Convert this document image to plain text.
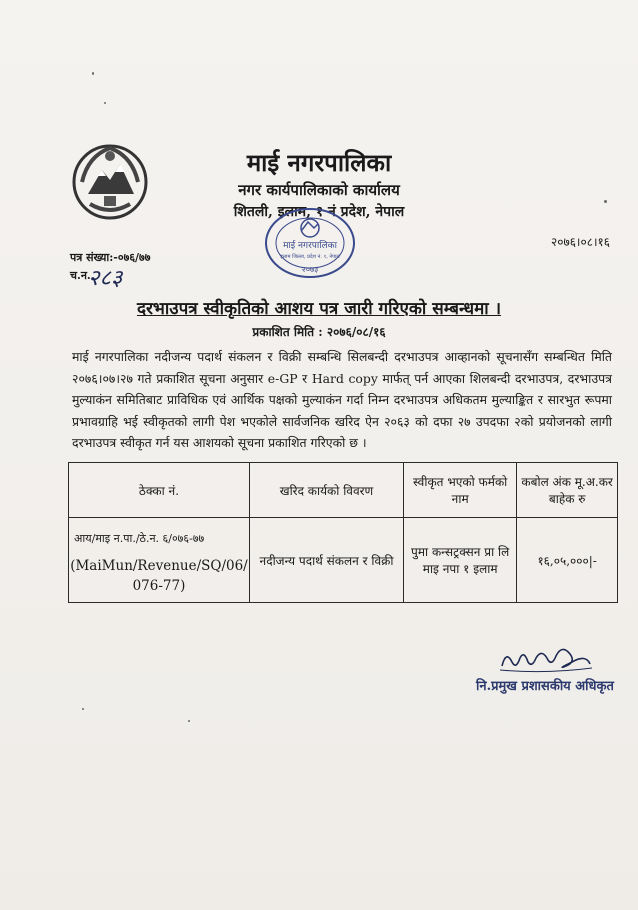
माई नगरपालिका
नगर कार्यपालिकाको कार्यालय
शितली, इलाम, १ नं प्रदेश, नेपाल
२०७६।०८।१६
पत्र संख्या:-०७६/७७
च.न.
२८३
माई नगरपालिका
इलाम जिल्ला, प्रदेश नं. १, नेपाल
२०७३
दरभाउपत्र स्वीकृतिको आशय पत्र जारी गरिएको सम्बन्धमा ।
प्रकाशित मिति : २०७६/०८/१६
माई नगरपालिका नदीजन्य पदार्थ संकलन र विक्री सम्बन्धि सिलबन्दी दरभाउपत्र आव्हानको सूचनासँग सम्बन्धित मिति २०७६।०७।२७ गते प्रकाशित सूचना अनुसार e-GP र Hard copy मार्फत् पर्न आएका शिलबन्दी दरभाउपत्र, दरभाउपत्र मुल्याकंन समितिबाट प्राविधिक एवं आर्थिक पक्षको मुल्याकंन गर्दा निम्न दरभाउपत्र अधिकतम मुल्याङ्कित र सारभुत रूपमा प्रभावग्राहि भई स्वीकृतको लागी पेश भएकोले सार्वजनिक खरिद ऐन २०६३ को दफा २७ उपदफा २को प्रयोजनको लागी दरभाउपत्र स्वीकृत गर्न यस आशयको सूचना प्रकाशित गरिएको छ ।
ठेक्का नं.	खरिद कार्यको विवरण	स्वीकृत भएको फर्मको नाम	कबोल अंक मू.अ.कर बाहेक रु

आय/माइ न.पा./ठे.न. ६/०७६-७७
(MaiMun/Revenue/SQ/06/ 076-77)	नदीजन्य पदार्थ संकलन र विक्री	पुमा कन्सट्रक्सन प्रा लि माइ नपा १ इलाम	१६,०५,०००|-
नि.प्रमुख प्रशासकीय अधिकृत
